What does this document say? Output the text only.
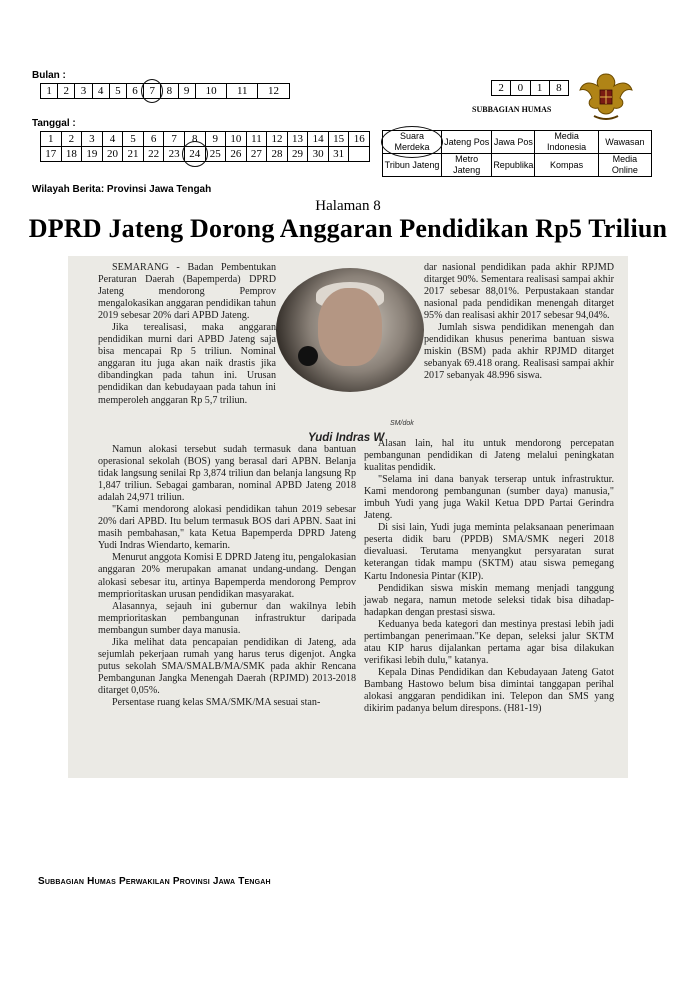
Bulan :
1	2	3	4	5	6	7	8	9	10	11	12
Tanggal :
1	2	3	4	5	6	7	8	9	10	11	12	13	14	15	16
17	18	19	20	21	22	23	24	25	26	27	28	29	30	31	
2	0	1	8
SUBBAGIAN HUMAS
Suara Merdeka	Jateng Pos	Jawa Pos	Media Indonesia	Wawasan
Tribun Jateng	Metro Jateng	Republika	Kompas	Media Online
Wilayah Berita: Provinsi Jawa Tengah
Halaman 8
DPRD Jateng Dorong Anggaran Pendidikan Rp5 Triliun

SEMARANG - Badan Pembentukan Peraturan Daerah (Bapemperda) DPRD Jateng mendorong Pemprov mengalokasikan anggaran pendidikan tahun 2019 sebesar 20% dari APBD Jateng.

Jika terealisasi, maka anggaran pendidikan murni dari APBD Jateng saja bisa mencapai Rp 5 triliun. Nominal anggaran itu juga akan naik drastis jika dibandingkan pada tahun ini. Urusan pendidikan dan kebudayaan pada tahun ini memperoleh anggaran Rp 5,7 triliun.

Namun alokasi tersebut sudah termasuk dana bantuan operasional sekolah (BOS) yang berasal dari APBN. Belanja tidak langsung senilai Rp 3,874 triliun dan belanja langsung Rp 1,847 triliun. Sebagai gambaran, nominal APBD Jateng 2018 adalah 24,971 triliun.

"Kami mendorong alokasi pendidikan tahun 2019 sebesar 20% dari APBD. Itu belum termasuk BOS dari APBN. Saat ini masih pembahasan," kata Ketua Bapemperda DPRD Jateng Yudi Indras Wiendarto, kemarin.

Menurut anggota Komisi E DPRD Jateng itu, pengalokasian anggaran 20% merupakan amanat undang-undang. Dengan alokasi sebesar itu, artinya Bapemperda mendorong Pemprov memprioritaskan urusan pendidikan masyarakat.

Alasannya, sejauh ini gubernur dan wakilnya lebih memprioritaskan pembangunan infrastruktur daripada membangun sumber daya manusia.

Jika melihat data pencapaian pendidikan di Jateng, ada sejumlah pekerjaan rumah yang harus terus digenjot. Angka putus sekolah SMA/SMALB/MA/SMK pada akhir Rencana Pembangunan Jangka Menengah Daerah (RPJMD) 2013-2018 ditarget 0,05%.

Persentase ruang kelas SMA/SMK/MA sesuai stan-

dar nasional pendidikan pada akhir RPJMD ditarget 90%. Sementara realisasi sampai akhir 2017 sebesar 88,01%. Perpustakaan standar nasional pada pendidikan menengah ditarget 95% dan realisasi akhir 2017 sebesar 94,04%.

Jumlah siswa pendidikan menengah dan pendidikan khusus penerima bantuan siswa miskin (BSM) pada akhir RPJMD ditarget sebanyak 69.418 orang. Realisasi sampai akhir 2017 sebanyak 48.996 siswa.

Alasan lain, hal itu untuk mendorong percepatan pembangunan pendidikan di Jateng melalui peningkatan kualitas pendidik.

"Selama ini dana banyak terserap untuk infrastruktur. Kami mendorong pembangunan (sumber daya) manusia," imbuh Yudi yang juga Wakil Ketua DPD Partai Gerindra Jateng.

Di sisi lain, Yudi juga meminta pelaksanaan penerimaan peserta didik baru (PPDB) SMA/SMK negeri 2018 dievaluasi. Terutama menyangkut persyaratan surat keterangan tidak mampu (SKTM) atau siswa pemegang Kartu Indonesia Pintar (KIP).

Pendidikan siswa miskin memang menjadi tanggung jawab negara, namun metode seleksi tidak bisa dihadap-hadapkan dengan prestasi siswa.

Keduanya beda kategori dan mestinya prestasi lebih jadi pertimbangan penerimaan."Ke depan, seleksi jalur SKTM atau KIP harus dijalankan pertama agar bisa dilakukan verifikasi lebih dulu," katanya.

Kepala Dinas Pendidikan dan Kebudayaan Jateng Gatot Bambang Hastowo belum bisa dimintai tanggapan perihal alokasi anggaran pendidikan ini. Telepon dan SMS yang dikirim padanya belum direspons. (H81-19)

SM/dok
Yudi Indras W
Subbagian Humas Perwakilan Provinsi Jawa Tengah
